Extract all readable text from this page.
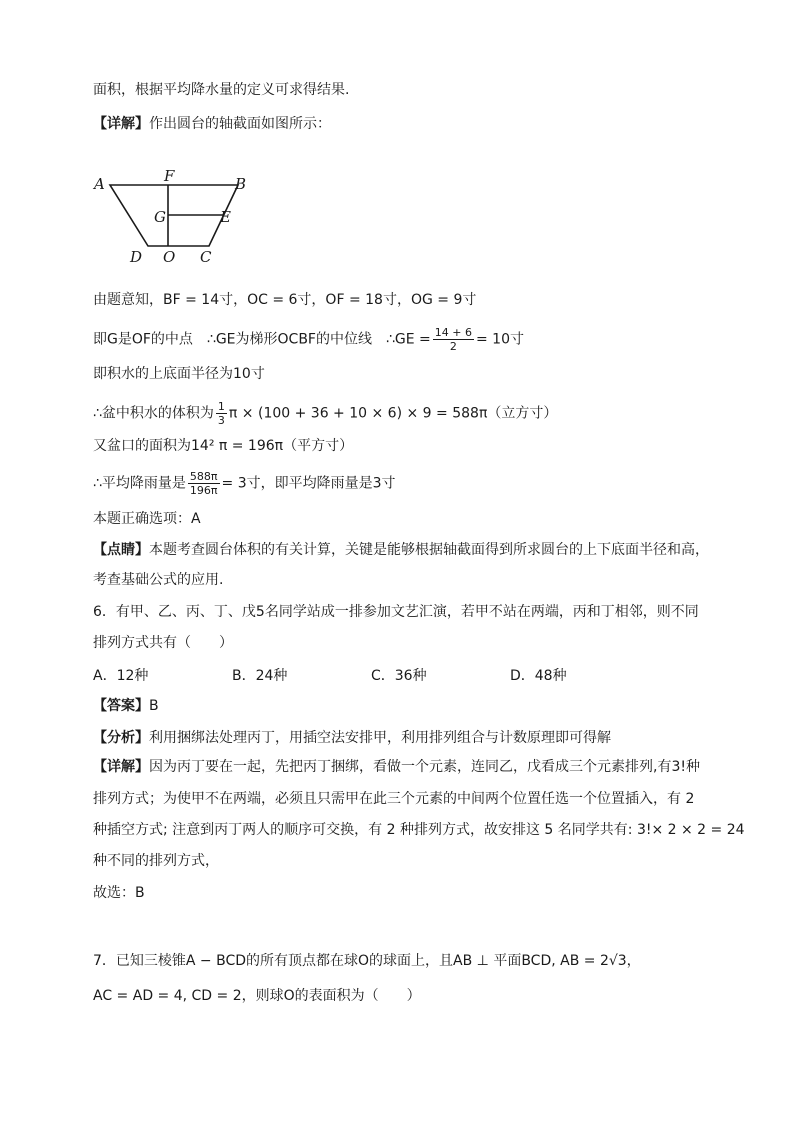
面积，根据平均降水量的定义可求得结果.
【详解】作出圆台的轴截面如图所示：
A	F	B
G	E
D O C
由题意知，BF = 14寸，OC = 6寸，OF = 18寸，OG = 9寸
即G是OF的中点　∴GE为梯形OCBF的中位线　∴GE = $\frac{14 + 6}{2} = 10$寸
即积水的上底面半径为10寸
∴盆中积水的体积为 $\frac{1}{3}$ π × (100 + 36 + 10 × 6) × 9 = 588π（立方寸）
又盆口的面积为14² π = 196π（平方寸）
∴平均降雨量是 $\frac{588\pi}{196\pi} = 3$寸，即平均降雨量是3寸
本题正确选项：A
【点睛】本题考查圆台体积的有关计算，关键是能够根据轴截面得到所求圆台的上下底面半径和高，
考查基础公式的应用.
6．有甲、乙、丙、丁、戊5名同学站成一排参加文艺汇演，若甲不站在两端，丙和丁相邻，则不同
排列方式共有（　　）
A．12种	B．24种	C．36种	D．48种
【答案】B
【分析】利用捆绑法处理丙丁，用插空法安排甲，利用排列组合与计数原理即可得解
【详解】因为丙丁要在一起，先把丙丁捆绑，看做一个元素，连同乙，戊看成三个元素排列,有3!种
排列方式；为使甲不在两端，必须且只需甲在此三个元素的中间两个位置任选一个位置插入，有 2
种插空方式; 注意到丙丁两人的顺序可交换，有 2 种排列方式，故安排这 5 名同学共有: 3!× 2 × 2 = 24
种不同的排列方式，
故选：B
7．已知三棱锥A − BCD的所有顶点都在球O的球面上，且AB ⊥ 平面BCD, AB = 2√3，
AC = AD = 4, CD = 2，则球O的表面积为（　　）
